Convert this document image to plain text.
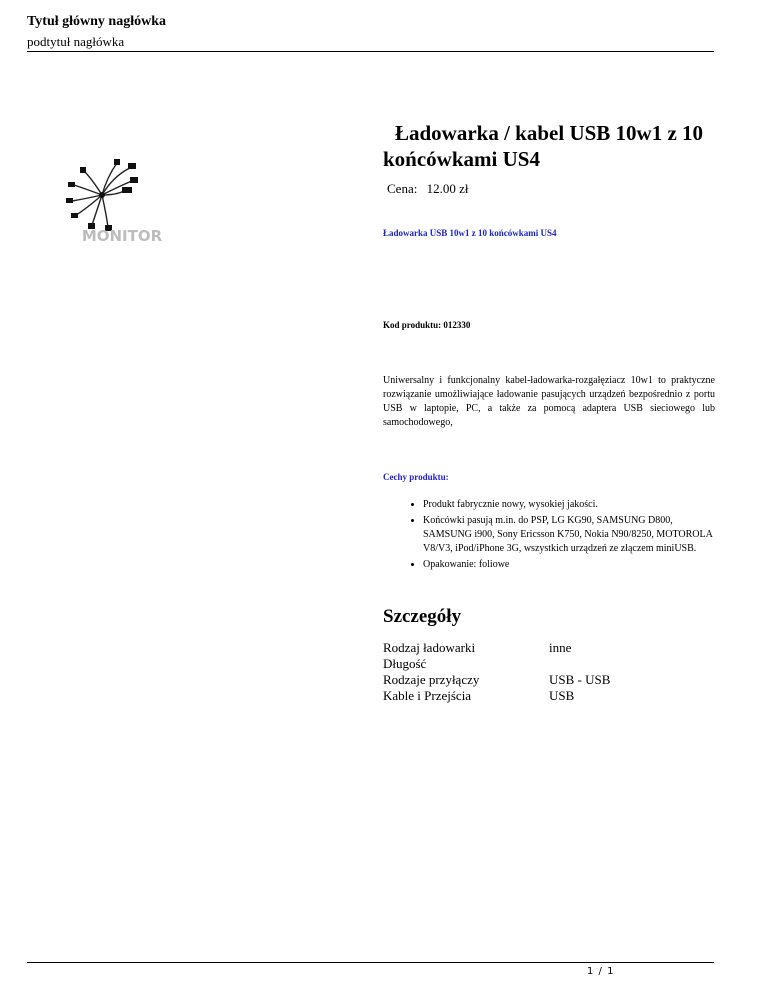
Tytuł główny nagłówka
podtytuł nagłówka
MONITOR
Ładowarka / kabel USB 10w1 z 10 końcówkami US4
Cena: 12.00 zł
Ładowarka USB 10w1 z 10 końcówkami US4
Kod produktu: 012330

Uniwersalny i funkcjonalny kabel-ładowarka-rozgałęziacz 10w1 to praktyczne rozwiązanie umożliwiające ładowanie pasujących urządzeń bezpośrednio z portu USB w laptopie, PC, a także za pomocą adaptera USB sieciowego lub samochodowego,

Cechy produktu:
• Produkt fabrycznie nowy, wysokiej jakości.
• Końcówki pasują m.in. do PSP, LG KG90, SAMSUNG D800, SAMSUNG i900, Sony Ericsson K750, Nokia N90/8250, MOTOROLA V8/V3, iPod/iPhone 3G, wszystkich urządzeń ze złączem miniUSB.
• Opakowanie: foliowe
Szczegóły
Rodzaj ładowarki	inne
Długość
Rodzaje przyłączy	USB - USB
Kable i Przejścia	USB
1 / 1
